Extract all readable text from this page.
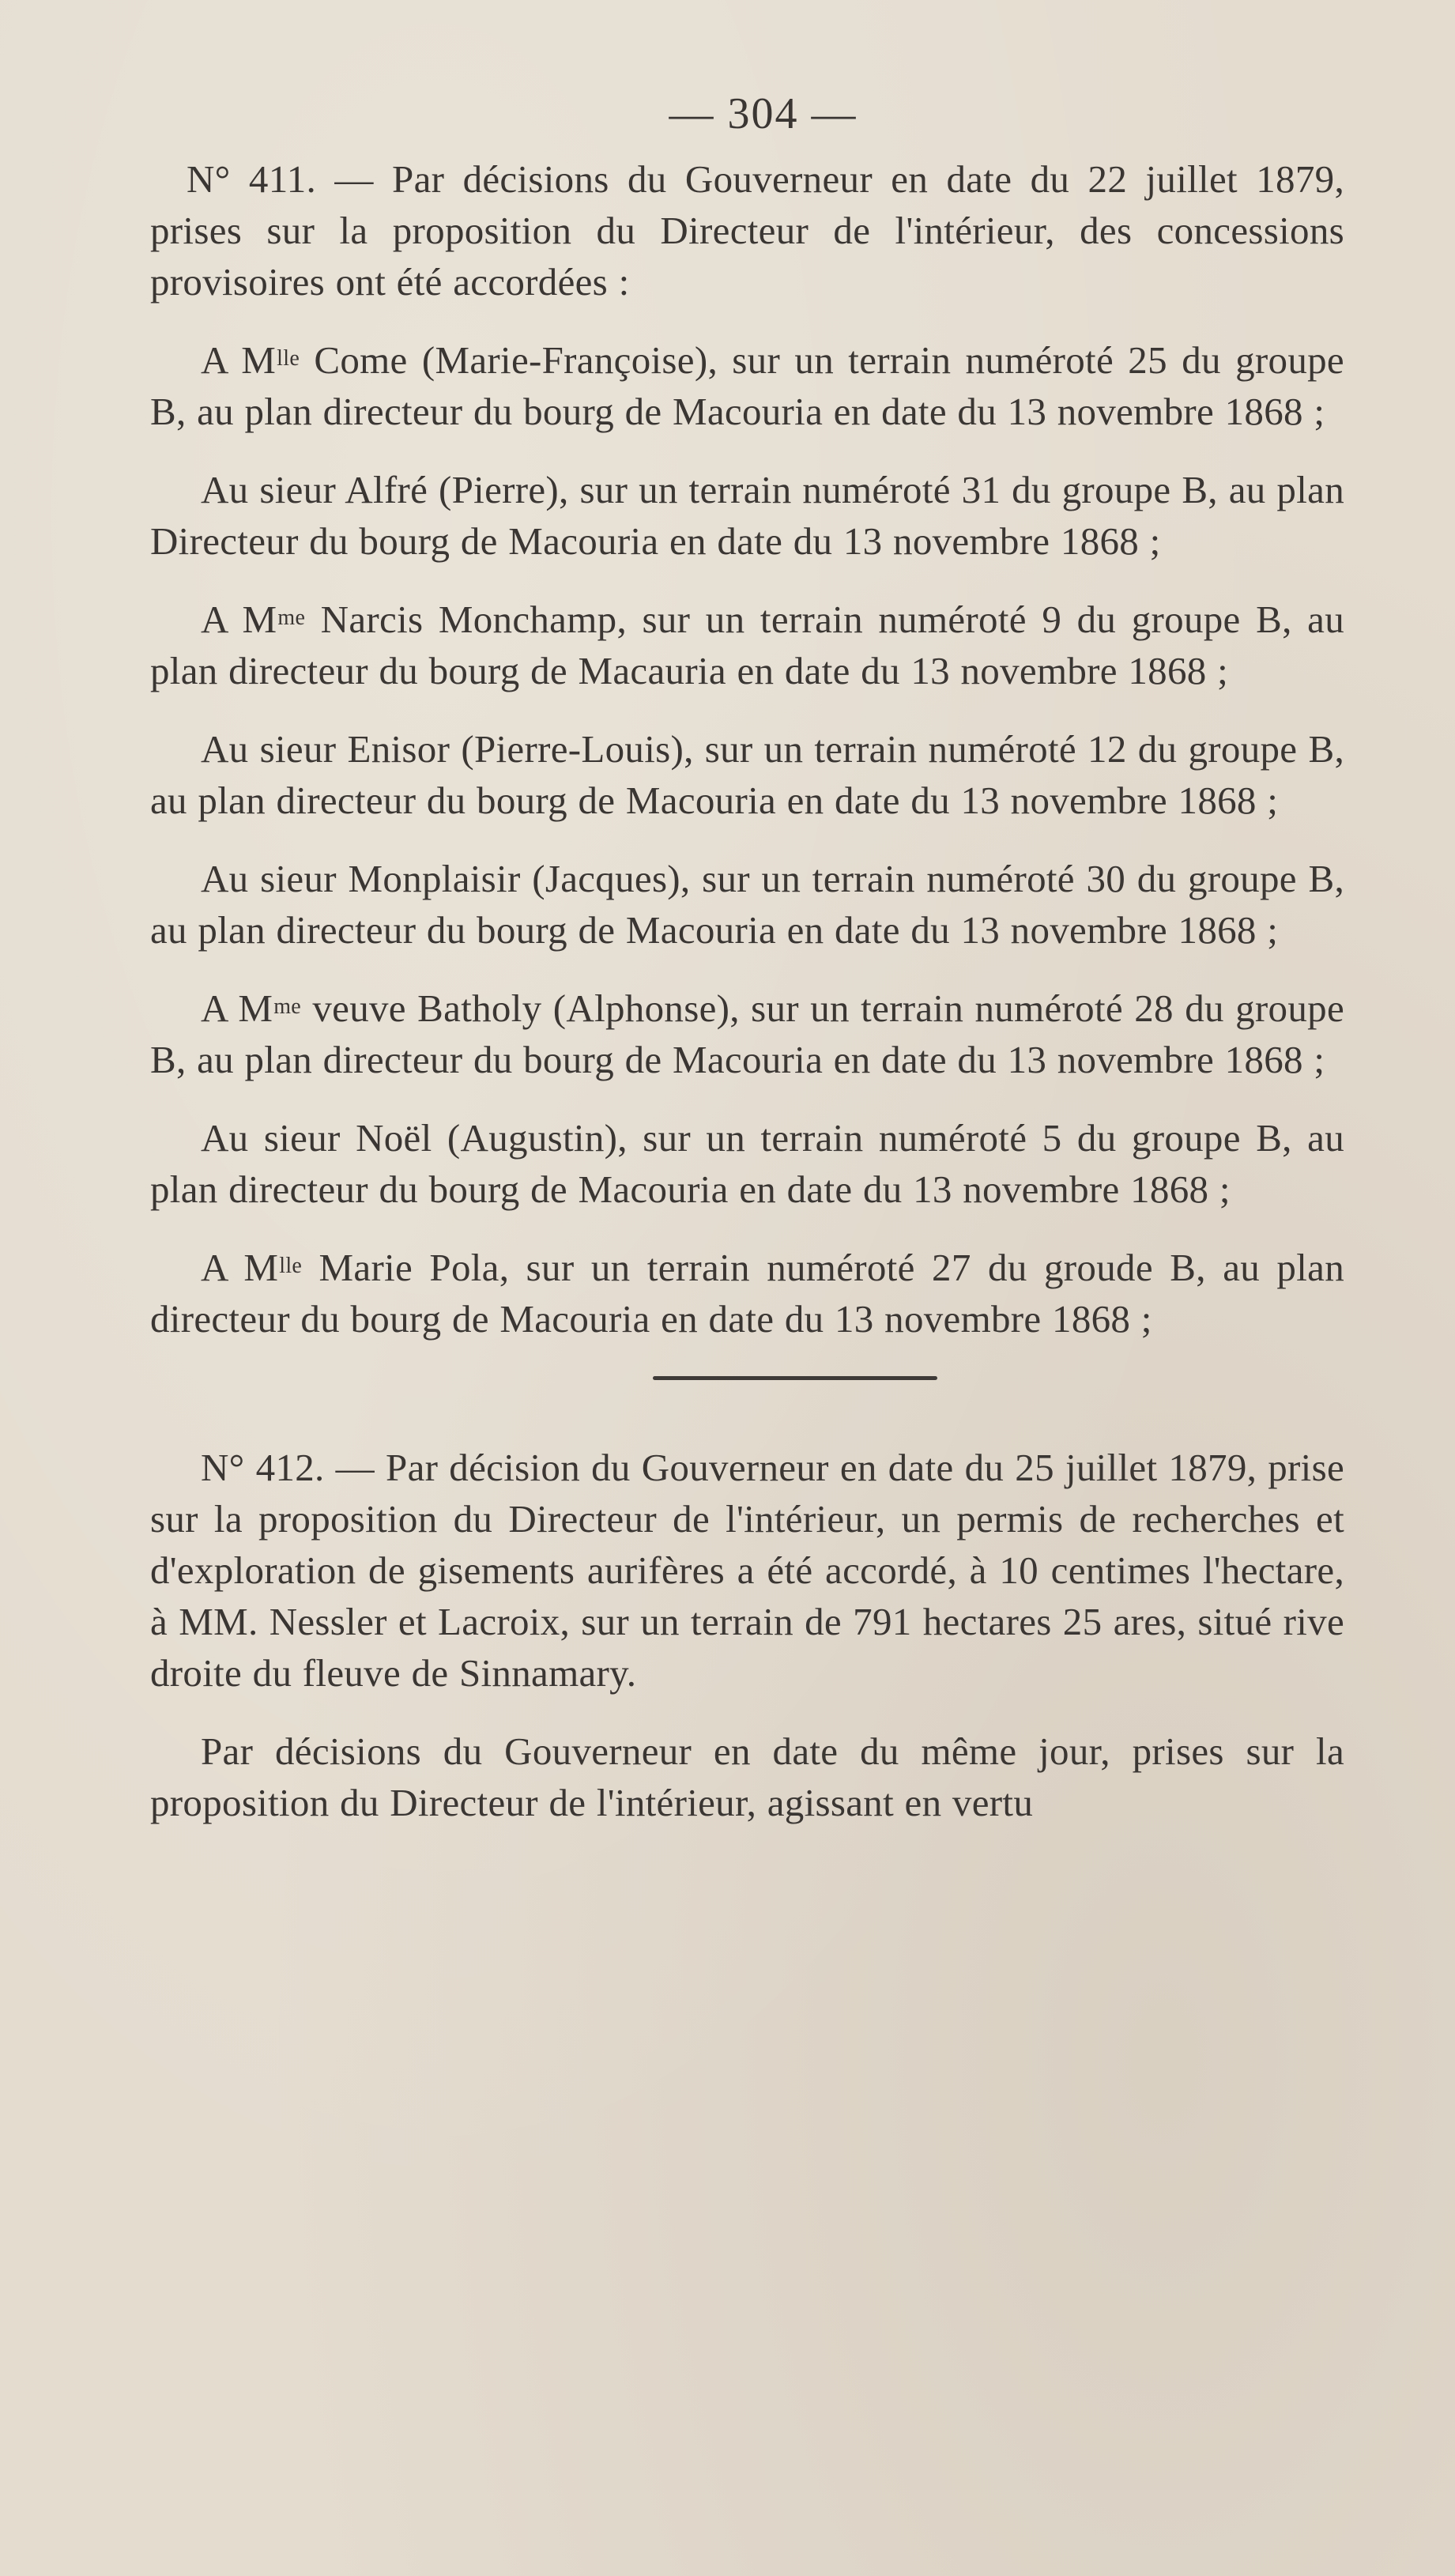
— 304 —

N° 411. — Par décisions du Gouverneur en date du 22 juillet 1879, prises sur la proposition du Directeur de l'intérieur, des concessions provisoires ont été accordées :

A $M^{lle}$ Come (Marie-Françoise), sur un terrain numéroté 25 du groupe B, au plan directeur du bourg de Macouria en date du 13 novembre 1868 ;

Au sieur Alfré (Pierre), sur un terrain numéroté 31 du groupe B, au plan Directeur du bourg de Macouria en date du 13 novembre 1868 ;

A $M^{me}$ Narcis Monchamp, sur un terrain numéroté 9 du groupe B, au plan directeur du bourg de Macauria en date du 13 novembre 1868 ;

Au sieur Enisor (Pierre-Louis), sur un terrain numéroté 12 du groupe B, au plan directeur du bourg de Macouria en date du 13 novembre 1868 ;

Au sieur Monplaisir (Jacques), sur un terrain numéroté 30 du groupe B, au plan directeur du bourg de Macouria en date du 13 novembre 1868 ;

A $M^{me}$ veuve Batholy (Alphonse), sur un terrain numéroté 28 du groupe B, au plan directeur du bourg de Macouria en date du 13 novembre 1868 ;

Au sieur Noël (Augustin), sur un terrain numéroté 5 du groupe B, au plan directeur du bourg de Macouria en date du 13 novembre 1868 ;

A $M^{lle}$ Marie Pola, sur un terrain numéroté 27 du groude B, au plan directeur du bourg de Macouria en date du 13 novembre 1868 ;

N° 412. — Par décision du Gouverneur en date du 25 juillet 1879, prise sur la proposition du Directeur de l'intérieur, un permis de recherches et d'exploration de gisements aurifères a été accordé, à 10 centimes l'hectare, à MM. Nessler et Lacroix, sur un terrain de 791 hectares 25 ares, situé rive droite du fleuve de Sinnamary.

Par décisions du Gouverneur en date du même jour, prises sur la proposition du Directeur de l'intérieur, agissant en vertu
